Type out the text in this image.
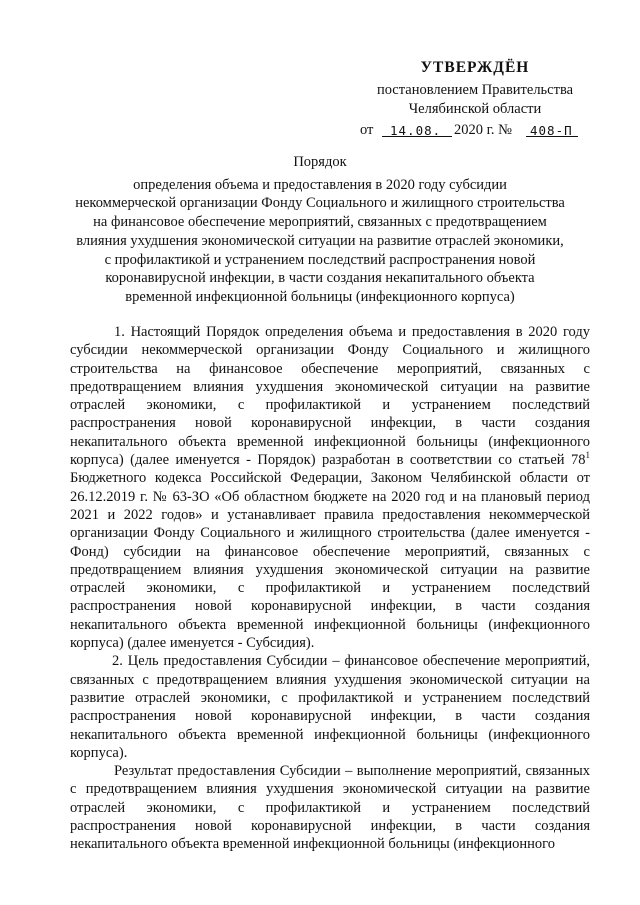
УТВЕРЖДЁН
постановлением Правительства
Челябинской области
от 14.08. 2020 г. № 408-П
Порядок
определения объема и предоставления в 2020 году субсидии
некоммерческой организации Фонду Социального и жилищного строительства
на финансовое обеспечение мероприятий, связанных с предотвращением
влияния ухудшения экономической ситуации на развитие отраслей экономики,
с профилактикой и устранением последствий распространения новой
коронавирусной инфекции, в части создания некапитального объекта
временной инфекционной больницы (инфекционного корпуса)

1. Настоящий Порядок определения объема и предоставления в 2020 году субсидии некоммерческой организации Фонду Социального и жилищного строительства на финансовое обеспечение мероприятий, связанных с предотвращением влияния ухудшения экономической ситуации на развитие отраслей экономики, с профилактикой и устранением последствий распространения новой коронавирусной инфекции, в части создания некапитального объекта временной инфекционной больницы (инфекционного корпуса) (далее именуется - Порядок) разработан в соответствии со статьей $78^1$ Бюджетного кодекса Российской Федерации, Законом Челябинской области от 26.12.2019 г. № 63-ЗО «Об областном бюджете на 2020 год и на плановый период 2021 и 2022 годов» и устанавливает правила предоставления некоммерческой организации Фонду Социального и жилищного строительства (далее именуется - Фонд) субсидии на финансовое обеспечение мероприятий, связанных с предотвращением влияния ухудшения экономической ситуации на развитие отраслей экономики, с профилактикой и устранением последствий распространения новой коронавирусной инфекции, в части создания некапитального объекта временной инфекционной больницы (инфекционного корпуса) (далее именуется - Субсидия).

2. Цель предоставления Субсидии – финансовое обеспечение мероприятий, связанных с предотвращением влияния ухудшения экономической ситуации на развитие отраслей экономики, с профилактикой и устранением последствий распространения новой коронавирусной инфекции, в части создания некапитального объекта временной инфекционной больницы (инфекционного корпуса).

Результат предоставления Субсидии – выполнение мероприятий, связанных с предотвращением влияния ухудшения экономической ситуации на развитие отраслей экономики, с профилактикой и устранением последствий распространения новой коронавирусной инфекции, в части создания некапитального объекта временной инфекционной больницы (инфекционного
